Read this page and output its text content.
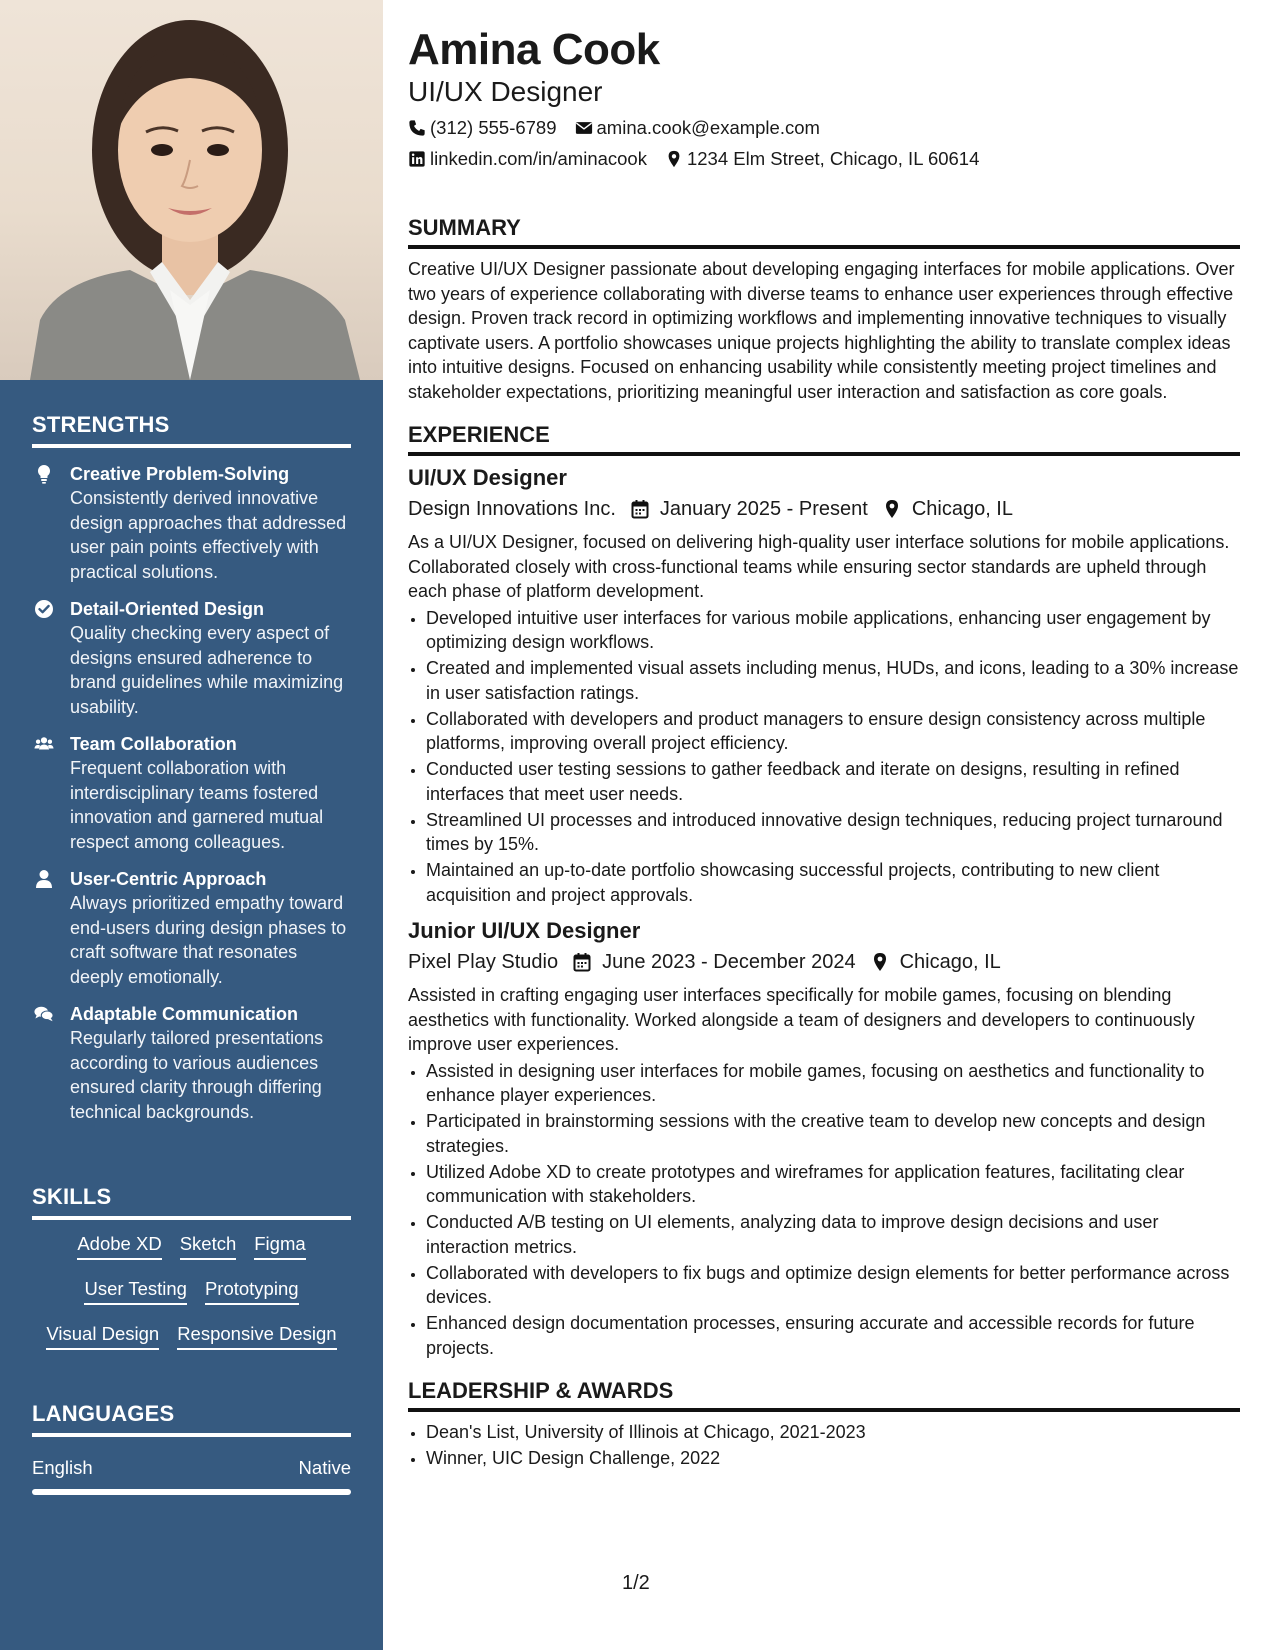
STRENGTHS
Creative Problem-Solving
Consistently derived innovative design approaches that addressed user pain points effectively with practical solutions.
Detail-Oriented Design
Quality checking every aspect of designs ensured adherence to brand guidelines while maximizing usability.
Team Collaboration
Frequent collaboration with interdisciplinary teams fostered innovation and garnered mutual respect among colleagues.
User-Centric Approach
Always prioritized empathy toward end-users during design phases to craft software that resonates deeply emotionally.
Adaptable Communication
Regularly tailored presentations according to various audiences ensured clarity through differing technical backgrounds.
SKILLS
Adobe XD Sketch Figma
User Testing Prototyping
Visual Design Responsive Design
LANGUAGES
English	Native
Amina Cook
UI/UX Designer
(312) 555-6789 amina.cook@example.com
linkedin.com/in/aminacook 1234 Elm Street, Chicago, IL 60614
SUMMARY
Creative UI/UX Designer passionate about developing engaging interfaces for mobile applications. Over two years of experience collaborating with diverse teams to enhance user experiences through effective design. Proven track record in optimizing workflows and implementing innovative techniques to visually captivate users. A portfolio showcases unique projects highlighting the ability to translate complex ideas into intuitive designs. Focused on enhancing usability while consistently meeting project timelines and stakeholder expectations, prioritizing meaningful user interaction and satisfaction as core goals.
EXPERIENCE
UI/UX Designer
Design Innovations Inc. January 2025 - Present Chicago, IL
As a UI/UX Designer, focused on delivering high-quality user interface solutions for mobile applications. Collaborated closely with cross-functional teams while ensuring sector standards are upheld through each phase of platform development.
• Developed intuitive user interfaces for various mobile applications, enhancing user engagement by optimizing design workflows.
• Created and implemented visual assets including menus, HUDs, and icons, leading to a 30% increase in user satisfaction ratings.
• Collaborated with developers and product managers to ensure design consistency across multiple platforms, improving overall project efficiency.
• Conducted user testing sessions to gather feedback and iterate on designs, resulting in refined interfaces that meet user needs.
• Streamlined UI processes and introduced innovative design techniques, reducing project turnaround times by 15%.
• Maintained an up-to-date portfolio showcasing successful projects, contributing to new client acquisition and project approvals.
Junior UI/UX Designer
Pixel Play Studio June 2023 - December 2024 Chicago, IL
Assisted in crafting engaging user interfaces specifically for mobile games, focusing on blending aesthetics with functionality. Worked alongside a team of designers and developers to continuously improve user experiences.
• Assisted in designing user interfaces for mobile games, focusing on aesthetics and functionality to enhance player experiences.
• Participated in brainstorming sessions with the creative team to develop new concepts and design strategies.
• Utilized Adobe XD to create prototypes and wireframes for application features, facilitating clear communication with stakeholders.
• Conducted A/B testing on UI elements, analyzing data to improve design decisions and user interaction metrics.
• Collaborated with developers to fix bugs and optimize design elements for better performance across devices.
• Enhanced design documentation processes, ensuring accurate and accessible records for future projects.
LEADERSHIP & AWARDS
• Dean's List, University of Illinois at Chicago, 2021-2023
• Winner, UIC Design Challenge, 2022
1/2
